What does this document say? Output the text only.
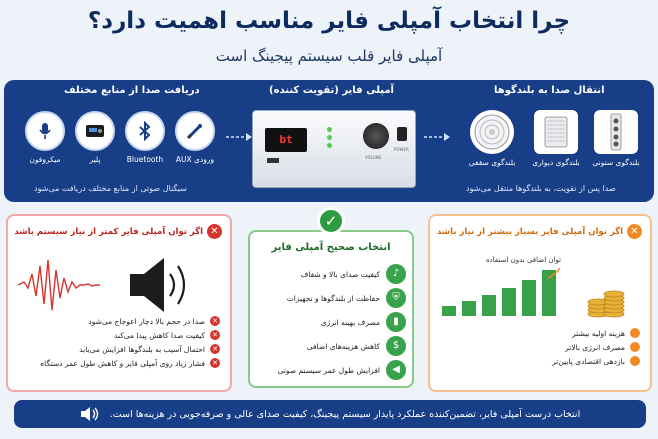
چرا انتخاب آمپلی فایر مناسب اهمیت دارد؟
آمپلی فایر قلب سیستم پیجینگ است
دریافت صدا از منابع مختلف
ورودی AUX
Bluetooth
پلیر
میکروفون
سیگنال صوتی از منابع مختلف دریافت می‌شود
آمپلی فایر (تقویت کننده)	انتقال صدا به بلندگوها
بلندگوی ستونی
بلندگوی دیواری
بلندگوی سقفی
صدا پس از تقویت، به بلندگوها منتقل می‌شود
bt
VOLUME
POWER
✕
اگر توان آمپلی فایر کمتر از نیاز سیستم باشد
✕
صدا در حجم بالا دچار اعوجاج می‌شود
✕
کیفیت صدا کاهش پیدا می‌کند
✕
احتمال آسیب به بلندگوها افزایش می‌یابد
✕
فشار زیاد روی آمپلی فایر و کاهش طول عمر دستگاه
انتخاب صحیح آمپلی فایر
♪
کیفیت صدای بالا و شفاف
⛨
حفاظت از بلندگوها و تجهیزات
▮
مصرف بهینه انرژی
$
کاهش هزینه‌های اضافی
◀
افزایش طول عمر سیستم صوتی
✓
✕
اگر توان آمپلی فایر بسیار بیشتر از نیاز باشد
توان اضافی بدون استفاده
هزینه اولیه بیشتر
مصرف انرژی بالاتر
بازدهی اقتصادی پایین‌تر
انتخاب درست آمپلی فایر، تضمین‌کننده عملکرد پایدار سیستم پیجینگ، کیفیت صدای عالی و صرفه‌جویی در هزینه‌ها است.
